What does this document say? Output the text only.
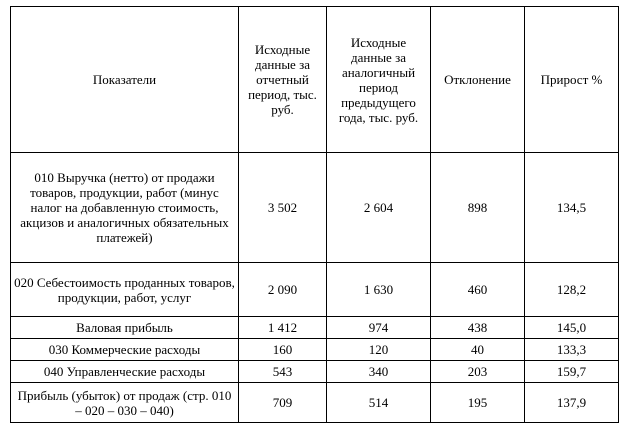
Показатели	Исходные данные за отчетный период, тыс. руб.	Исходные данные за аналогичный период предыдущего года, тыс. руб.	Отклонение	Прирост %
010 Выручка (нетто) от продажи товаров, продукции, работ (минус налог на добавленную стоимость, акцизов и аналогичных обязательных платежей)	3 502	2 604	898	134,5
020 Себестоимость проданных товаров, продукции, работ, услуг	2 090	1 630	460	128,2
Валовая прибыль	1 412	974	438	145,0
030 Коммерческие расходы	160	120	40	133,3
040 Управленческие расходы	543	340	203	159,7
Прибыль (убыток) от продаж (стр. 010 – 020 – 030 – 040)	709	514	195	137,9
